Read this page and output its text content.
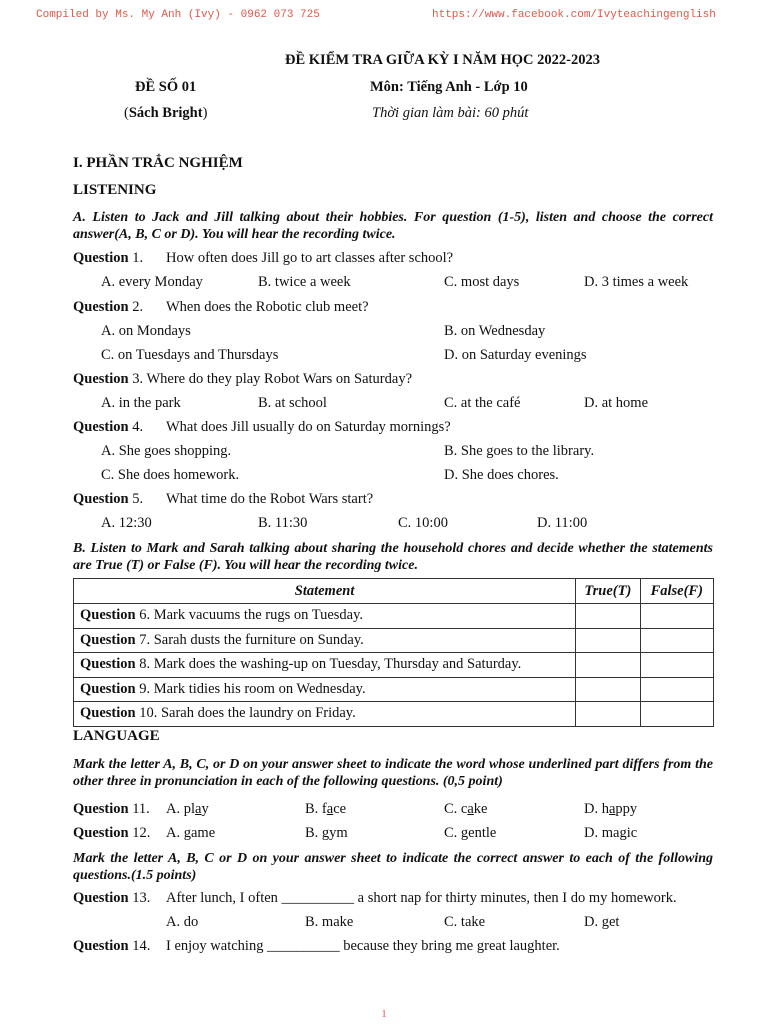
Compiled by Ms. My Anh (Ivy) - 0962 073 725	https://www.facebook.com/Ivyteachingenglish
ĐỀ KIỂM TRA GIỮA KỲ I NĂM HỌC 2022-2023
ĐỀ SỐ 01	Môn: Tiếng Anh - Lớp 10
(Sách Bright)	Thời gian làm bài: 60 phút
I. PHẦN TRẮC NGHIỆM
LISTENING
A. Listen to Jack and Jill talking about their hobbies. For question (1-5), listen and choose the correct answer(A, B, C or D). You will hear the recording twice.
Question 1. How often does Jill go to art classes after school?
A. every Monday	B. twice a week	C. most days	D. 3 times a week
Question 2. When does the Robotic club meet?
A. on Mondays	B. on Wednesday
C. on Tuesdays and Thursdays	D. on Saturday evenings
Question 3. Where do they play Robot Wars on Saturday?
A. in the park	B. at school	C. at the café	D. at home
Question 4. What does Jill usually do on Saturday mornings?
A. She goes shopping.	B. She goes to the library.
C. She does homework.	D. She does chores.
Question 5. What time do the Robot Wars start?
A. 12:30	B. 11:30	C. 10:00	D. 11:00
B. Listen to Mark and Sarah talking about sharing the household chores and decide whether the statements are True (T) or False (F). You will hear the recording twice.
Statement	True(T)	False(F)
Question 6. Mark vacuums the rugs on Tuesday.		
Question 7. Sarah dusts the furniture on Sunday.		
Question 8. Mark does the washing-up on Tuesday, Thursday and Saturday.		
Question 9. Mark tidies his room on Wednesday.		
Question 10. Sarah does the laundry on Friday.		
LANGUAGE
Mark the letter A, B, C, or D on your answer sheet to indicate the word whose underlined part differs from the other three in pronunciation in each of the following questions. (0,5 point)
Question 11. A. play	B. face	C. cake	D. happy
Question 12. A. game	B. gym	C. gentle	D. magic
Mark the letter A, B, C or D on your answer sheet to indicate the correct answer to each of the following questions.(1.5 points)
Question 13. After lunch, I often __________ a short nap for thirty minutes, then I do my homework.
A. do	B. make	C. take	D. get
Question 14. I enjoy watching __________ because they bring me great laughter.
1
